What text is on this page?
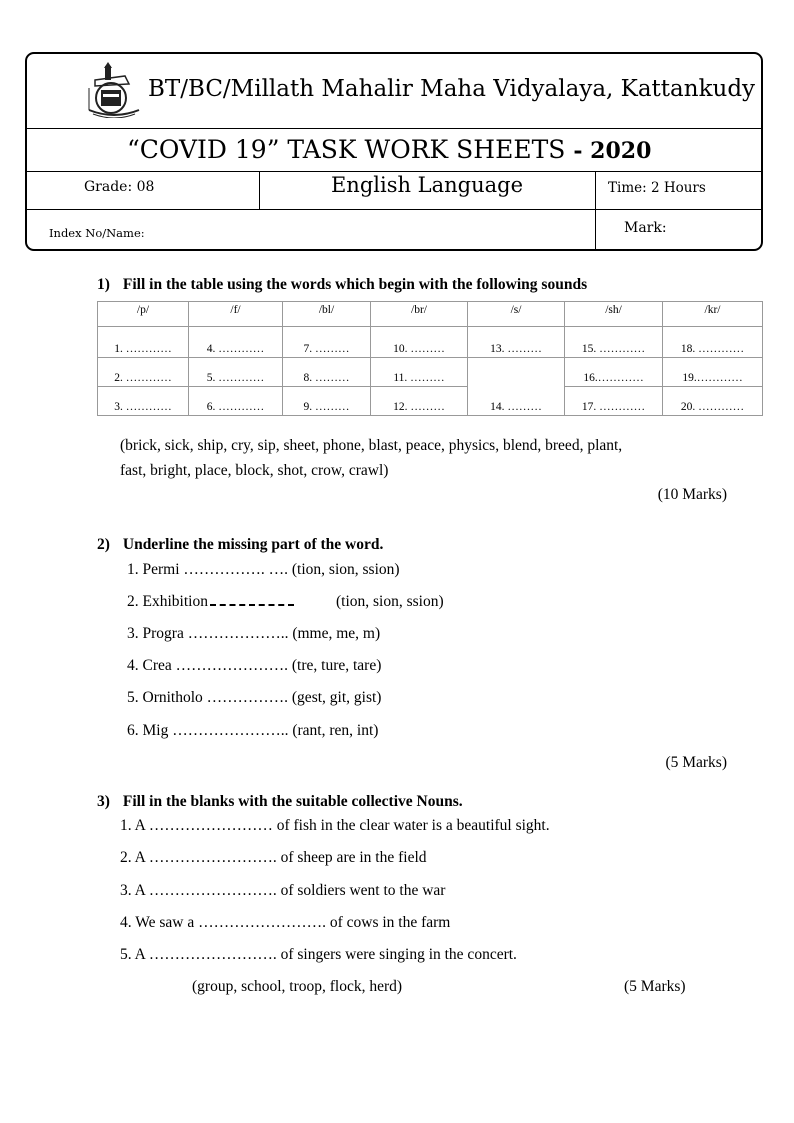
BT/BC/Millath Mahalir Maha Vidyalaya, Kattankudy
“COVID 19” TASK WORK SHEETS - 2020
Grade: 08	English Language	Time: 2 Hours
Index No/Name:	Mark:
1) Fill in the table using the words which begin with the following sounds
/p/	/f/	/bl/	/br/	/s/	/sh/	/kr/
1. …………	4. …………	7. ………	10. ………	13. ………	15. …………	18. …………
2. …………	5. …………	8. ………	11. ………	14. ………	16.…………	19.…………
3. …………	6. …………	9. ………	12. ………		17. …………	20. …………
(brick, sick, ship, cry, sip, sheet, phone, blast, peace, physics, blend, breed, plant,
fast, bright, place, block, shot, crow, crawl)
(10 Marks)
2) Underline the missing part of the word.
1. Permi ……………. …. (tion, sion, ssion)
2. Exhibition	(tion, sion, ssion)
3. Progra ……………….. (mme, me, m)
4. Crea …………………. (tre, ture, tare)
5. Ornitholo ……………. (gest, git, gist)
6. Mig ………………….. (rant, ren, int)
(5 Marks)
3) Fill in the blanks with the suitable collective Nouns.
1. A …………………… of fish in the clear water is a beautiful sight.
2. A ……………………. of sheep are in the field
3. A ……………………. of soldiers went to the war
4. We saw a ……………………. of cows in the farm
5. A ……………………. of singers were singing in the concert.
(group, school, troop, flock, herd)	(5 Marks)
